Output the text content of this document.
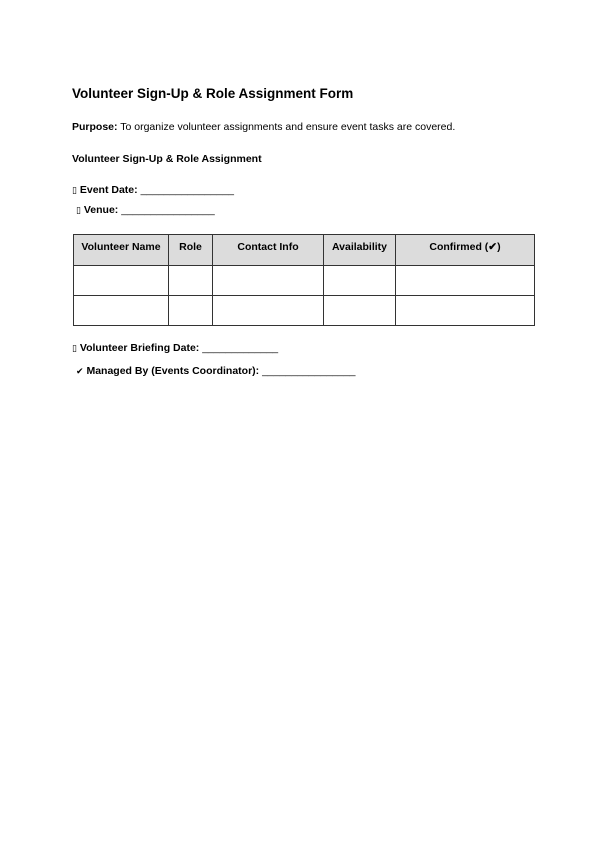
Volunteer Sign-Up & Role Assignment Form
Purpose: To organize volunteer assignments and ensure event tasks are covered.
Volunteer Sign-Up & Role Assignment
▯ Event Date: ________________
▯ Venue: ________________
Volunteer Name	Role	Contact Info	Availability	Confirmed (✔)

▯ Volunteer Briefing Date: _____________
✔ Managed By (Events Coordinator): ________________
